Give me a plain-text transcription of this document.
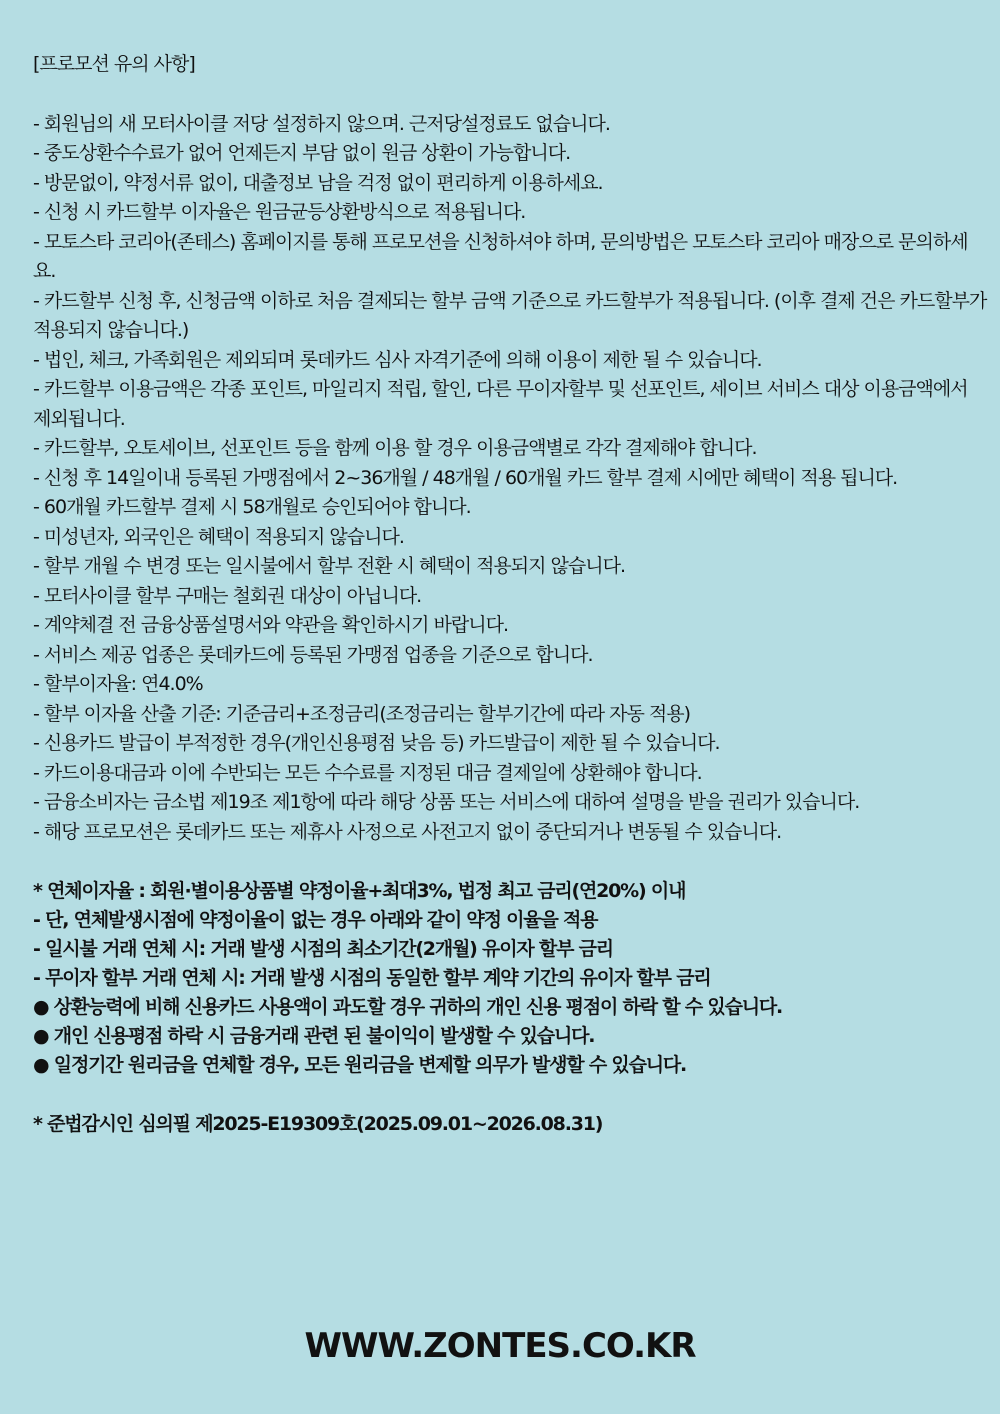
[프로모션 유의 사항]
- 회원님의 새 모터사이클 저당 설정하지 않으며. 근저당설정료도 없습니다.
- 중도상환수수료가 없어 언제든지 부담 없이 원금 상환이 가능합니다.
- 방문없이, 약정서류 없이, 대출정보 남을 걱정 없이 편리하게 이용하세요.
- 신청 시 카드할부 이자율은 원금균등상환방식으로 적용됩니다.
- 모토스타 코리아(존테스) 홈페이지를 통해 프로모션을 신청하셔야 하며, 문의방법은 모토스타 코리아 매장으로 문의하세요.
- 카드할부 신청 후, 신청금액 이하로 처음 결제되는 할부 금액 기준으로 카드할부가 적용됩니다. (이후 결제 건은 카드할부가 적용되지 않습니다.)
- 법인, 체크, 가족회원은 제외되며 롯데카드 심사 자격기준에 의해 이용이 제한 될 수 있습니다.
- 카드할부 이용금액은 각종 포인트, 마일리지 적립, 할인, 다른 무이자할부 및 선포인트, 세이브 서비스 대상 이용금액에서 제외됩니다.
- 카드할부, 오토세이브, 선포인트 등을 함께 이용 할 경우 이용금액별로 각각 결제해야 합니다.
- 신청 후 14일이내 등록된 가맹점에서 2~36개월 / 48개월 / 60개월 카드 할부 결제 시에만 혜택이 적용 됩니다.
- 60개월 카드할부 결제 시 58개월로 승인되어야 합니다.
- 미성년자, 외국인은 혜택이 적용되지 않습니다.
- 할부 개월 수 변경 또는 일시불에서 할부 전환 시 혜택이 적용되지 않습니다.
- 모터사이클 할부 구매는 철회권 대상이 아닙니다.
- 계약체결 전 금융상품설명서와 약관을 확인하시기 바랍니다.
- 서비스 제공 업종은 롯데카드에 등록된 가맹점 업종을 기준으로 합니다.
- 할부이자율: 연4.0%
- 할부 이자율 산출 기준: 기준금리+조정금리(조정금리는 할부기간에 따라 자동 적용)
- 신용카드 발급이 부적정한 경우(개인신용평점 낮음 등) 카드발급이 제한 될 수 있습니다.
- 카드이용대금과 이에 수반되는 모든 수수료를 지정된 대금 결제일에 상환해야 합니다.
- 금융소비자는 금소법 제19조 제1항에 따라 해당 상품 또는 서비스에 대하여 설명을 받을 권리가 있습니다.
- 해당 프로모션은 롯데카드 또는 제휴사 사정으로 사전고지 없이 중단되거나 변동될 수 있습니다.
* 연체이자율 : 회원·별이용상품별 약정이율+최대3%, 법정 최고 금리(연20%) 이내
- 단, 연체발생시점에 약정이율이 없는 경우 아래와 같이 약정 이율을 적용
- 일시불 거래 연체 시: 거래 발생 시점의 최소기간(2개월) 유이자 할부 금리
- 무이자 할부 거래 연체 시: 거래 발생 시점의 동일한 할부 계약 기간의 유이자 할부 금리
● 상환능력에 비해 신용카드 사용액이 과도할 경우 귀하의 개인 신용 평점이 하락 할 수 있습니다.
● 개인 신용평점 하락 시 금융거래 관련 된 불이익이 발생할 수 있습니다.
● 일정기간 원리금을 연체할 경우, 모든 원리금을 변제할 의무가 발생할 수 있습니다.
* 준법감시인 심의필 제2025-E19309호(2025.09.01~2026.08.31)
WWW.ZONTES.CO.KR
